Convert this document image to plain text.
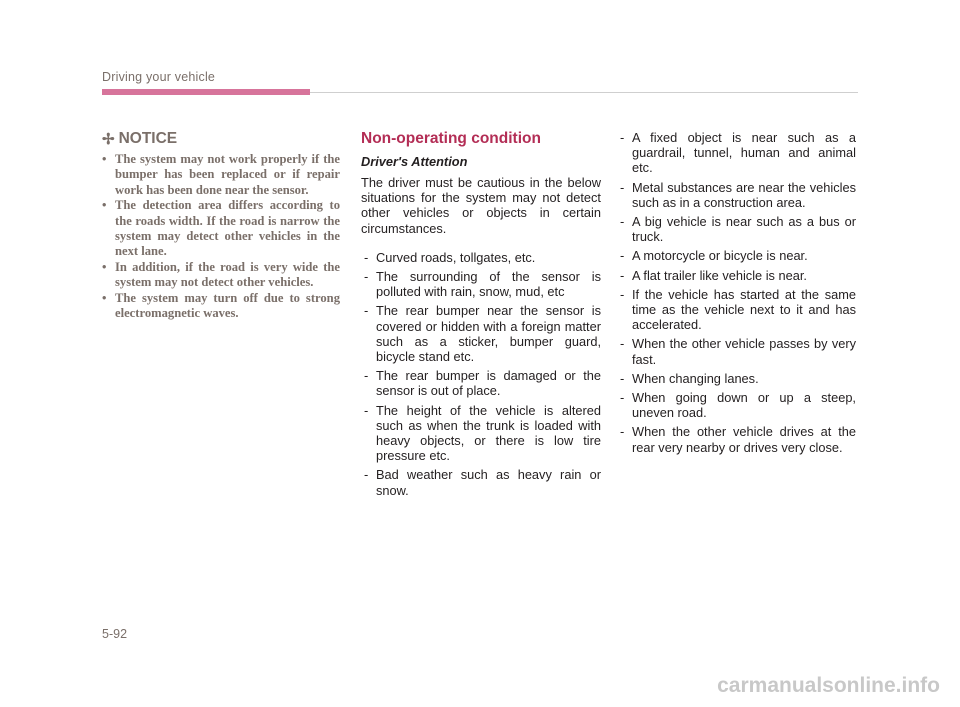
Driving your vehicle
✢ NOTICE
• The system may not work properly if the bumper has been replaced or if repair work has been done near the sensor.
• The detection area differs according to the roads width. If the road is narrow the system may detect other vehicles in the next lane.
• In addition, if the road is very wide the system may not detect other vehicles.
• The system may turn off due to strong electromagnetic waves.
Non-operating condition
Driver's Attention

The driver must be cautious in the below situations for the system may not detect other vehicles or objects in certain circumstances.

- Curved roads, tollgates, etc.
- The surrounding of the sensor is polluted with rain, snow, mud, etc
- The rear bumper near the sensor is covered or hidden with a foreign matter such as a sticker, bumper guard, bicycle stand etc.
- The rear bumper is damaged or the sensor is out of place.
- The height of the vehicle is altered such as when the trunk is loaded with heavy objects, or there is low tire pressure etc.
- Bad weather such as heavy rain or snow.
- A fixed object is near such as a guardrail, tunnel, human and animal etc.
- Metal substances are near the vehicles such as in a construction area.
- A big vehicle is near such as a bus or truck.
- A motorcycle or bicycle is near.
- A flat trailer like vehicle is near.
- If the vehicle has started at the same time as the vehicle next to it and has accelerated.
- When the other vehicle passes by very fast.
- When changing lanes.
- When going down or up a steep, uneven road.
- When the other vehicle drives at the rear very nearby or drives very close.
5-92
carmanualsonline.info
